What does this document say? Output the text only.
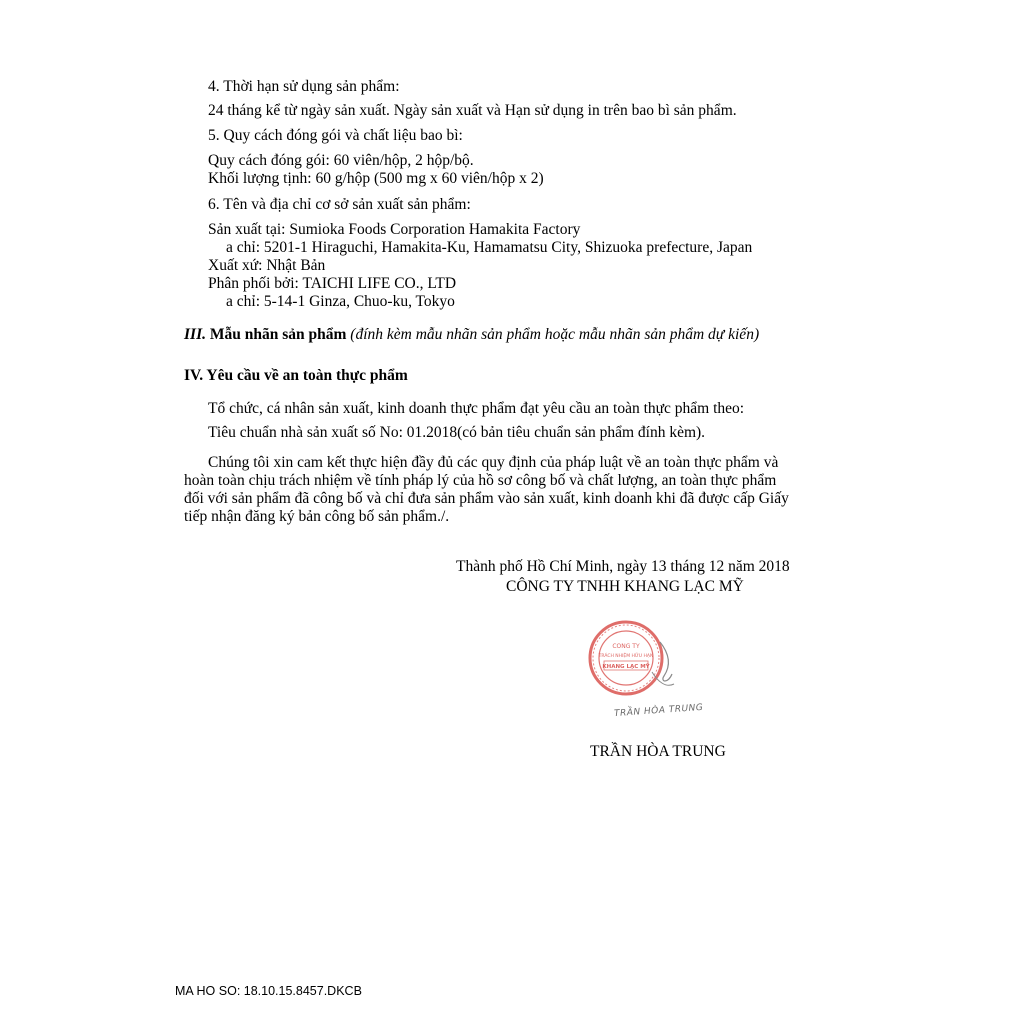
4. Thời hạn sử dụng sản phẩm:
24 tháng kể từ ngày sản xuất. Ngày sản xuất và Hạn sử dụng in trên bao bì sản phẩm.
5. Quy cách đóng gói và chất liệu bao bì:
Quy cách đóng gói: 60 viên/hộp, 2 hộp/bộ.
Khối lượng tịnh: 60 g/hộp (500 mg x 60 viên/hộp x 2)
6. Tên và địa chỉ cơ sở sản xuất sản phẩm:
Sản xuất tại: Sumioka Foods Corporation Hamakita Factory
a chỉ: 5201-1 Hiraguchi, Hamakita-Ku, Hamamatsu City, Shizuoka prefecture, Japan
Xuất xứ: Nhật Bản
Phân phối bởi: TAICHI LIFE CO., LTD
a chỉ: 5-14-1 Ginza, Chuo-ku, Tokyo
III. Mẫu nhãn sản phẩm (đính kèm mẫu nhãn sản phẩm hoặc mẫu nhãn sản phẩm dự kiến)
IV. Yêu cầu về an toàn thực phẩm
Tổ chức, cá nhân sản xuất, kinh doanh thực phẩm đạt yêu cầu an toàn thực phẩm theo:
Tiêu chuẩn nhà sản xuất số No: 01.2018(có bản tiêu chuẩn sản phẩm đính kèm).
Chúng tôi xin cam kết thực hiện đầy đủ các quy định của pháp luật về an toàn thực phẩm và
hoàn toàn chịu trách nhiệm về tính pháp lý của hồ sơ công bố và chất lượng, an toàn thực phẩm
đối với sản phẩm đã công bố và chỉ đưa sản phẩm vào sản xuất, kinh doanh khi đã được cấp Giấy
tiếp nhận đăng ký bản công bố sản phẩm./.
Thành phố Hồ Chí Minh, ngày 13 tháng 12 năm 2018
CÔNG TY TNHH KHANG LẠC MỸ
CÔNG TY
TRÁCH NHIỆM HỮU HẠN
KHANG LẠC MỸ
TRẦN HÒA TRUNG
TRẦN HÒA TRUNG
MA HO SO: 18.10.15.8457.DKCB
